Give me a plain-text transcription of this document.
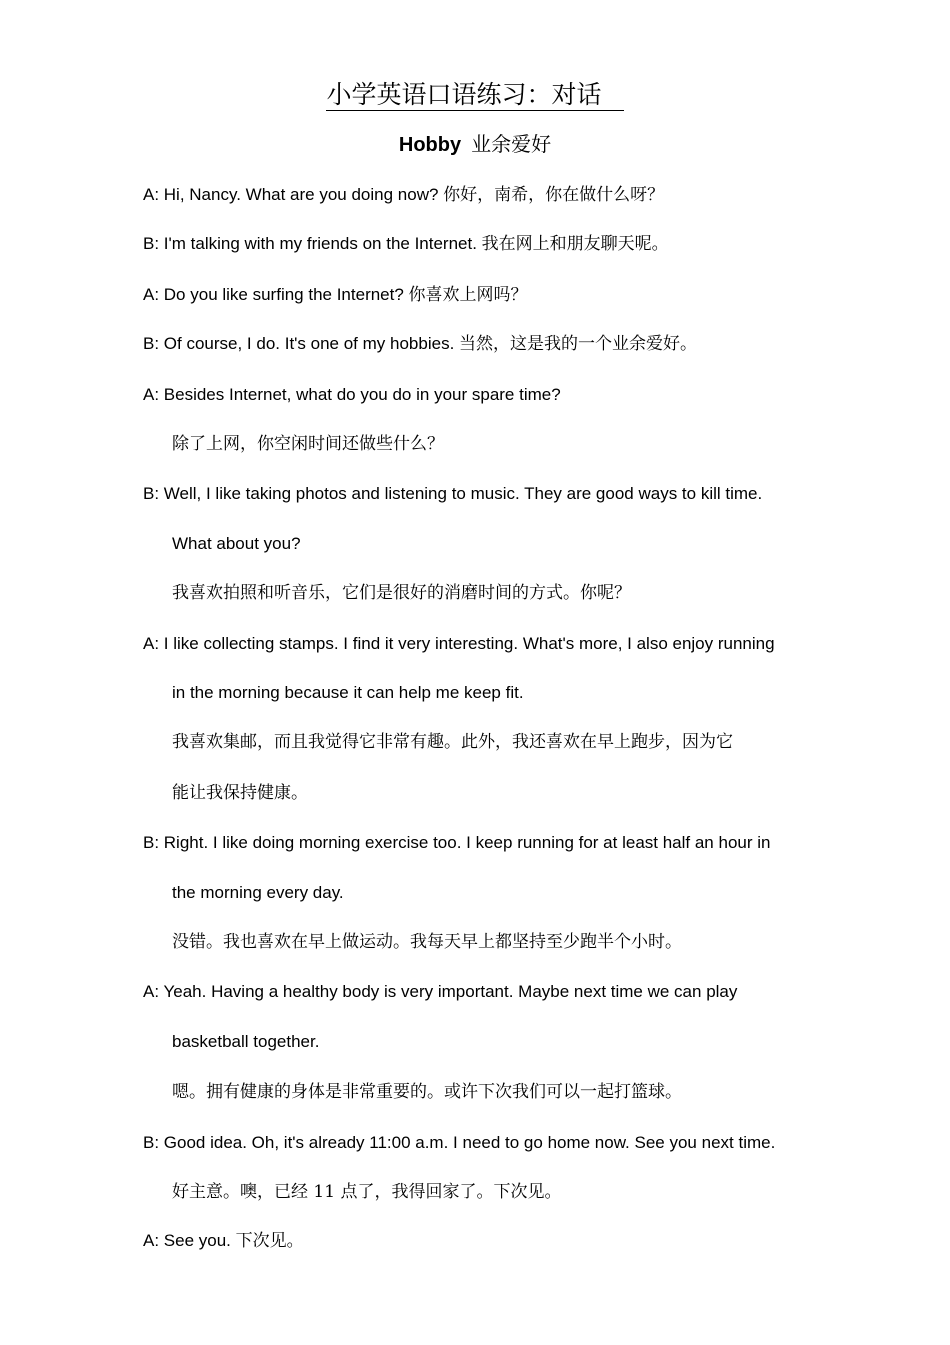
小学英语口语练习：对话
Hobby 业余爱好
A: Hi, Nancy. What are you doing now? 你好，南希，你在做什么呀？
B: I'm talking with my friends on the Internet. 我在网上和朋友聊天呢。
A: Do you like surfing the Internet? 你喜欢上网吗？
B: Of course, I do. It's one of my hobbies. 当然，这是我的一个业余爱好。
A: Besides Internet, what do you do in your spare time?
除了上网，你空闲时间还做些什么？
B: Well, I like taking photos and listening to music. They are good ways to kill time.
What about you?
我喜欢拍照和听音乐，它们是很好的消磨时间的方式。你呢？
A: I like collecting stamps. I find it very interesting. What's more, I also enjoy running
in the morning because it can help me keep fit.
我喜欢集邮，而且我觉得它非常有趣。此外，我还喜欢在早上跑步，因为它
能让我保持健康。
B: Right. I like doing morning exercise too. I keep running for at least half an hour in
the morning every day.
没错。我也喜欢在早上做运动。我每天早上都坚持至少跑半个小时。
A: Yeah. Having a healthy body is very important. Maybe next time we can play
basketball together.
嗯。拥有健康的身体是非常重要的。或许下次我们可以一起打篮球。
B: Good idea. Oh, it's already 11:00 a.m. I need to go home now. See you next time.
好主意。噢，已经 11 点了，我得回家了。下次见。
A: See you. 下次见。
